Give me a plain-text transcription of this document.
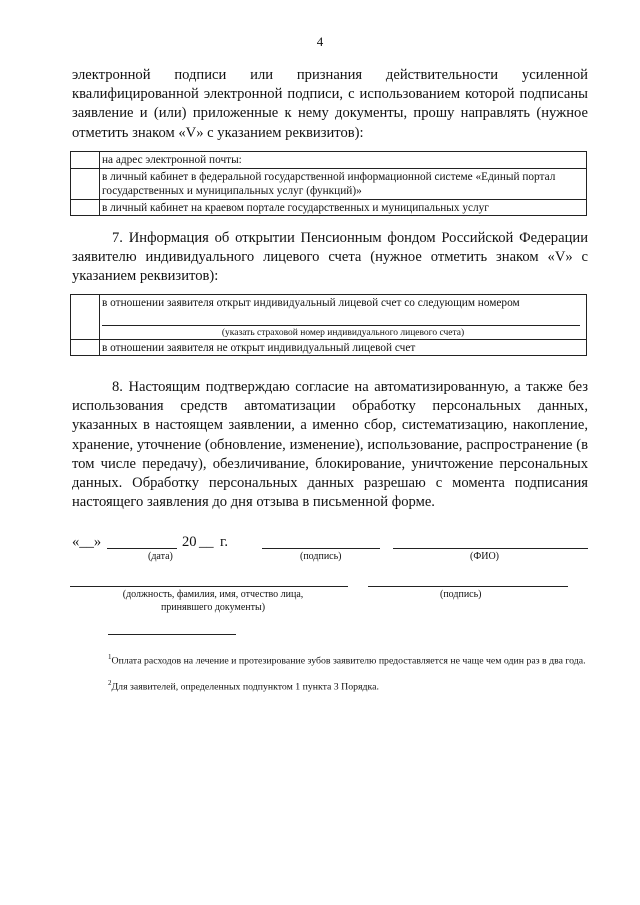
4

электронной подписи или признания действительности усиленной квалифицированной электронной подписи, с использованием которой подписаны заявление и (или) приложенные к нему документы, прошу направлять (нужное отметить знаком «V» с указанием реквизитов):

	на адрес электронной почты:
	в личный кабинет в федеральной государственной информационной системе «Единый портал государственных и муниципальных услуг (функций)»
	в личный кабинет на краевом портале государственных и муниципальных услуг

7. Информация об открытии Пенсионным фондом Российской Федерации заявителю индивидуального лицевого счета (нужное отметить знаком «V» с указанием реквизитов):

	в отношении заявителя открыт индивидуальный лицевой счет со следующим номером
(указать страховой номер индивидуального лицевого счета)

	в отношении заявителя не открыт индивидуальный лицевой счет

8. Настоящим подтверждаю согласие на автоматизированную, а также без использования средств автоматизации обработку персональных данных, указанных в настоящем заявлении, а именно сбор, систематизацию, накопление, хранение, уточнение (обновление, изменение), использование, распространение (в том числе передачу), обезличивание, блокирование, уничтожение персональных данных. Обработку персональных данных разрешаю с момента подписания настоящего заявления до дня отзыва в письменной форме.

«__»	20 __ г.
(дата)	(подпись)	(ФИО)
(должность, фамилия, имя, отчество лица, принявшего документы)
(подпись)
$^1$Оплата расходов на лечение и протезирование зубов заявителю предоставляется не чаще чем один раз в два года.
$^2$Для заявителей, определенных подпунктом 1 пункта 3 Порядка.
